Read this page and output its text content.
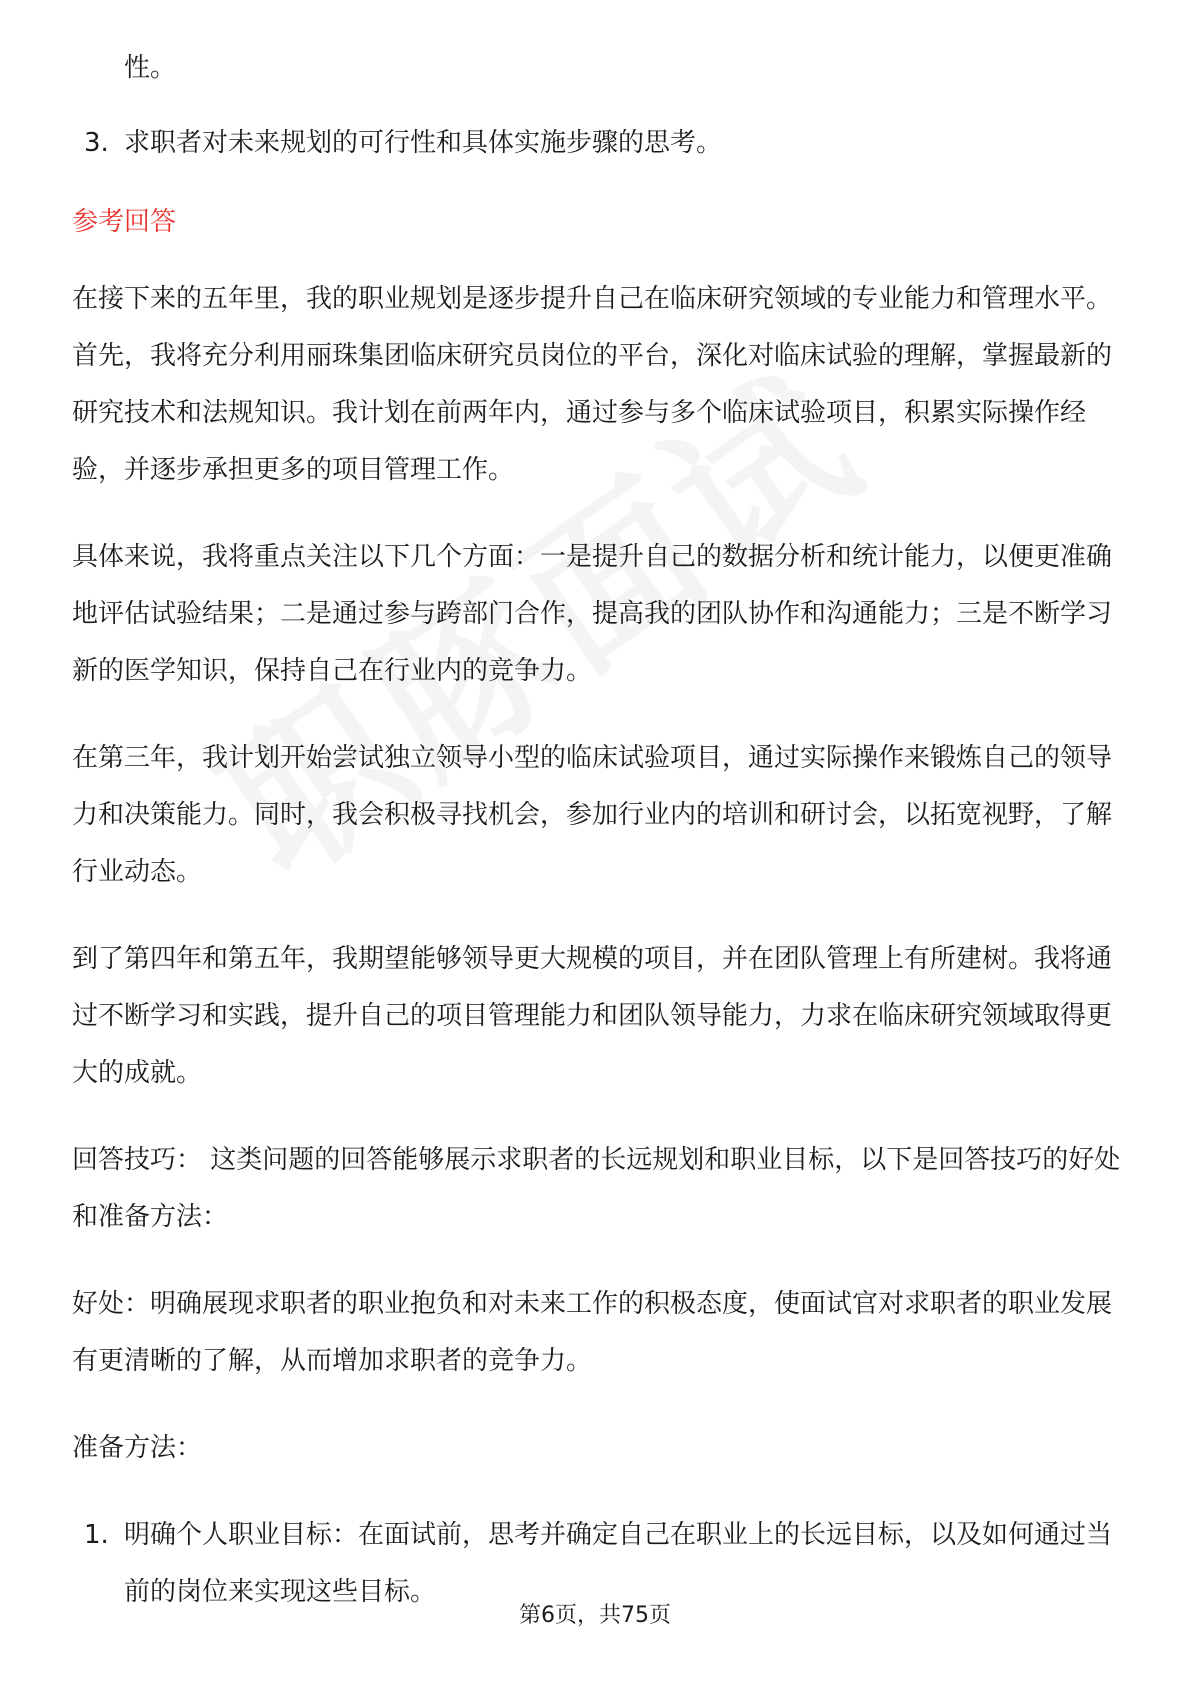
性。

3. 求职者对未来规划的可行性和具体实施步骤的思考。
参考回答

在接下来的五年里，我的职业规划是逐步提升自己在临床研究领域的专业能力和管理水平。首先，我将充分利用丽珠集团临床研究员岗位的平台，深化对临床试验的理解，掌握最新的研究技术和法规知识。我计划在前两年内，通过参与多个临床试验项目，积累实际操作经验，并逐步承担更多的项目管理工作。

具体来说，我将重点关注以下几个方面：一是提升自己的数据分析和统计能力，以便更准确地评估试验结果；二是通过参与跨部门合作，提高我的团队协作和沟通能力；三是不断学习新的医学知识，保持自己在行业内的竞争力。

在第三年，我计划开始尝试独立领导小型的临床试验项目，通过实际操作来锻炼自己的领导力和决策能力。同时，我会积极寻找机会，参加行业内的培训和研讨会，以拓宽视野，了解行业动态。

到了第四年和第五年，我期望能够领导更大规模的项目，并在团队管理上有所建树。我将通过不断学习和实践，提升自己的项目管理能力和团队领导能力，力求在临床研究领域取得更大的成就。

回答技巧： 这类问题的回答能够展示求职者的长远规划和职业目标，以下是回答技巧的好处和准备方法：

好处：明确展现求职者的职业抱负和对未来工作的积极态度，使面试官对求职者的职业发展有更清晰的了解，从而增加求职者的竞争力。

准备方法：

1. 明确个人职业目标：在面试前，思考并确定自己在职业上的长远目标，以及如何通过当前的岗位来实现这些目标。
第6页，共75页
